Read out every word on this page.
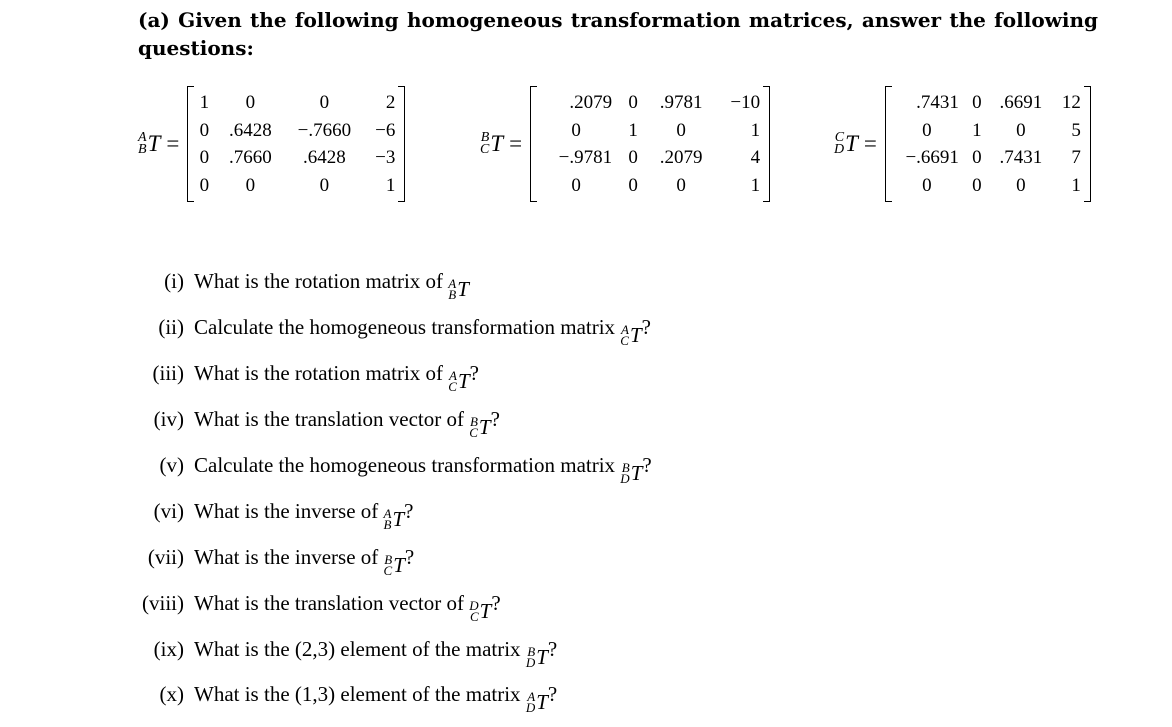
(a) Given the following homogeneous transformation matrices, answer the following
questions:
A
B T =
1	0	0	2
0 .6428	−.7660	−6
0 .7660	.6428	−3
0	0	0	1
B
C T =
.2079 0 .9781	−10
0	1	0	1
−.9781 0 .2079	4
0	0	0	1
C
D T =
.7431 0 .6691 12
0	1	0	5
−.6691 0 .7431	7
0	0	0	1
(i) What is the rotation matrix of A
B T
(ii) Calculate the homogeneous transformation matrix A
C T ?
(iii) What is the rotation matrix of A
C T ?
(iv) What is the translation vector of B
C T ?
(v) Calculate the homogeneous transformation matrix B
D T ?
(vi) What is the inverse of A
B T ?
(vii) What is the inverse of B
C T ?
(viii) What is the translation vector of D
C T ?
(ix) What is the (2,3) element of the matrix B
D T ?
(x) What is the (1,3) element of the matrix A
D T ?
